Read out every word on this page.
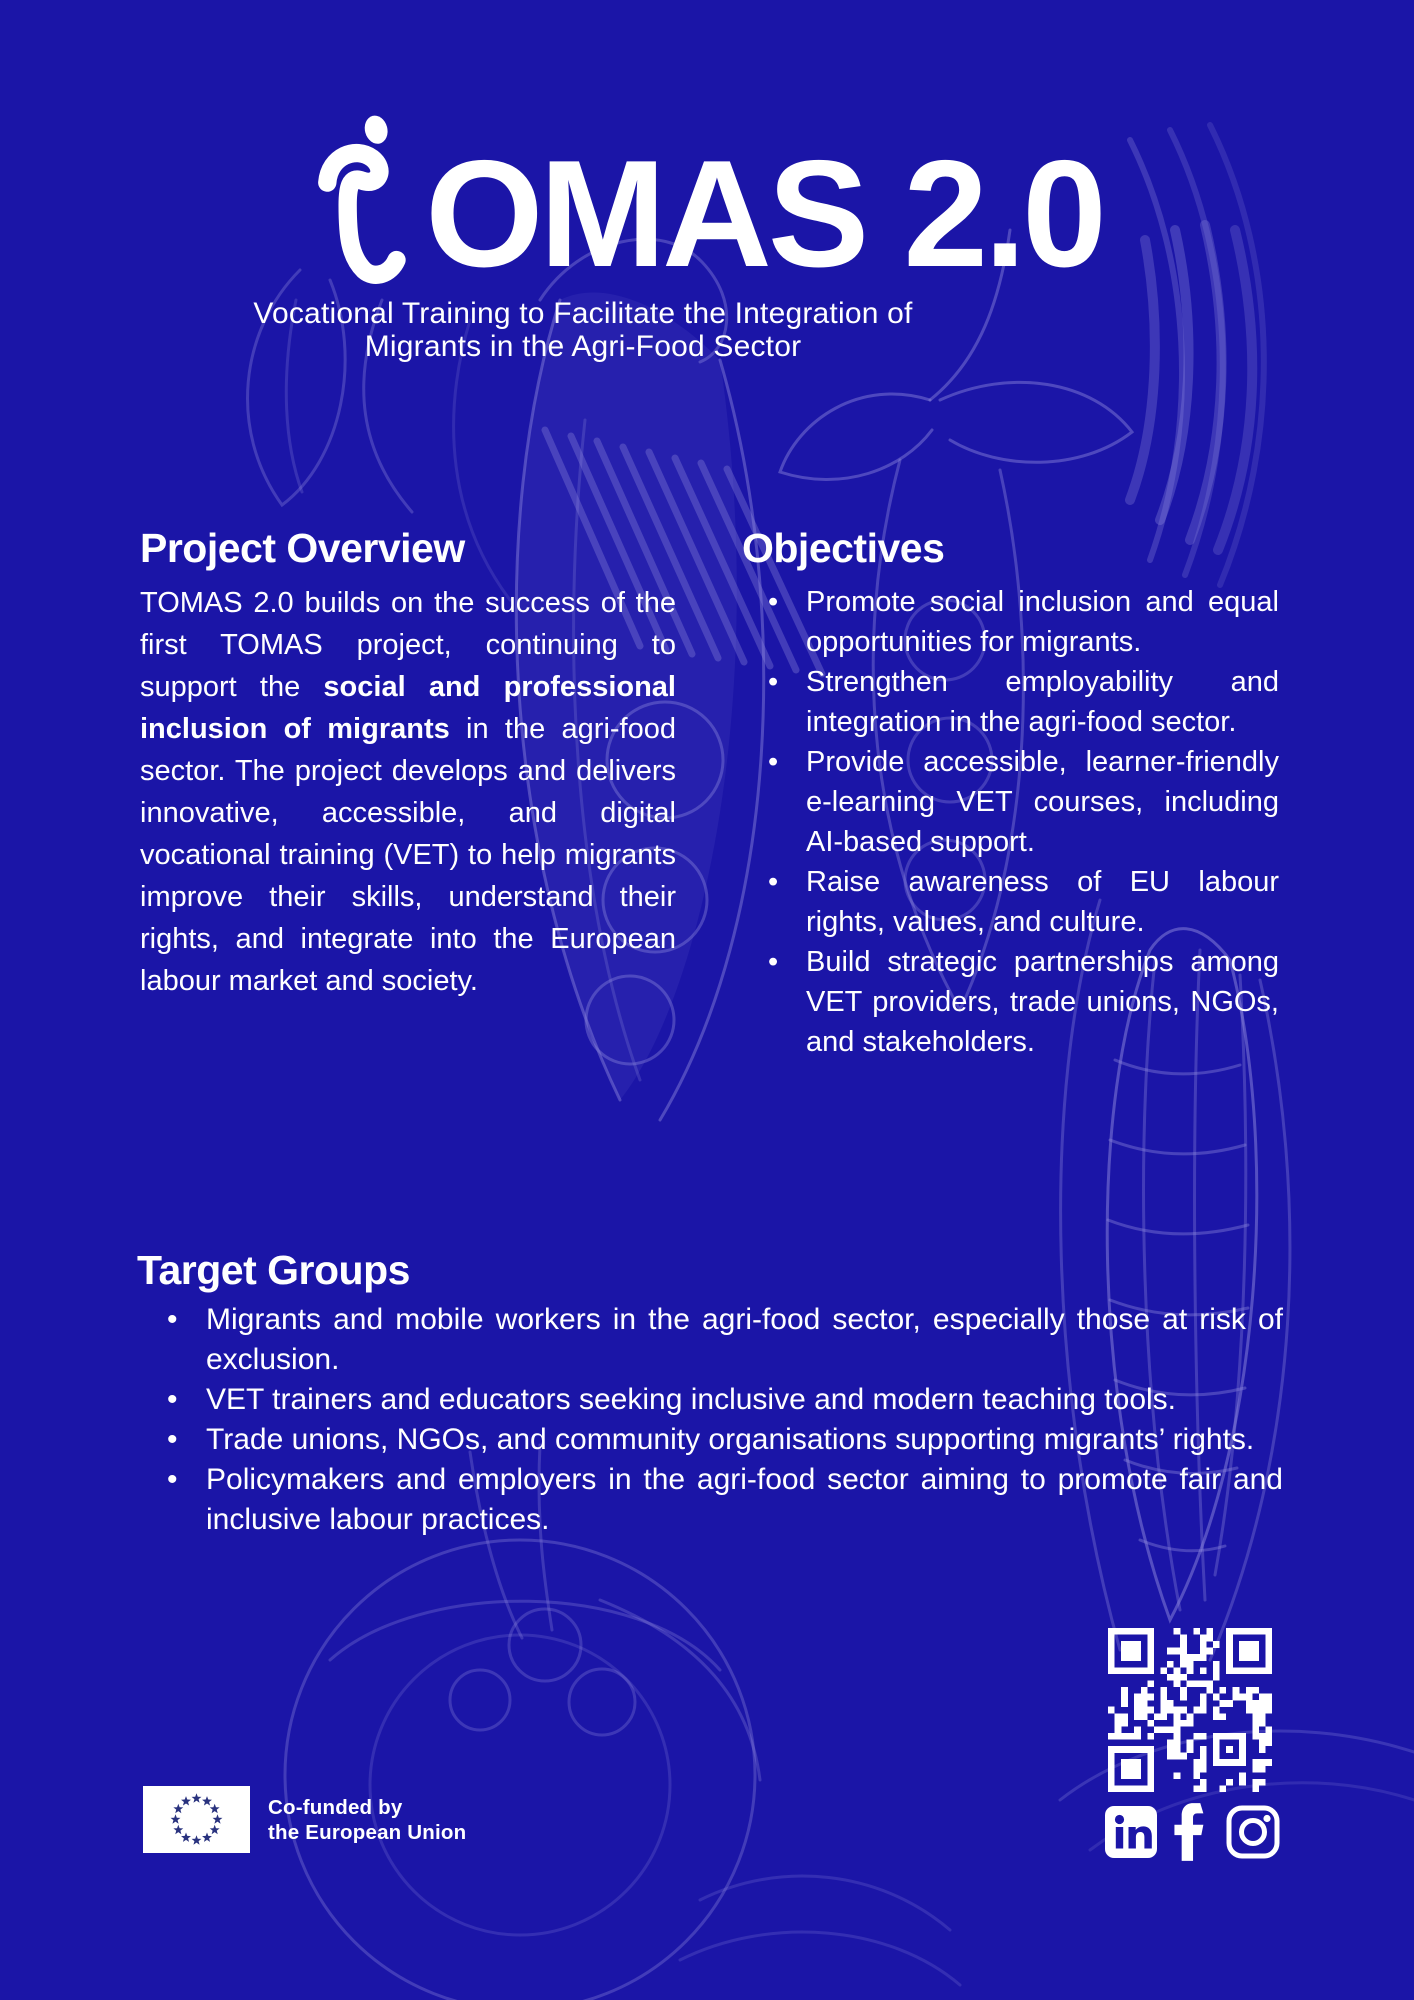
OMAS 2.0
Vocational Training to Facilitate the Integration of
Migrants in the Agri-Food Sector
Project Overview
TOMAS 2.0 builds on the success of the first TOMAS project, continuing to support the social and professional inclusion of migrants in the agri-food sector. The project develops and delivers innovative, accessible, and digital vocational training (VET) to help migrants improve their skills, understand their rights, and integrate into the European labour market and society.
Objectives
• Promote social inclusion and equal opportunities for migrants.
• Strengthen employability and integration in the agri-food sector.
• Provide accessible, learner-friendly e-learning VET courses, including AI-based support.
• Raise awareness of EU labour rights, values, and culture.
• Build strategic partnerships among VET providers, trade unions, NGOs, and stakeholders.
Target Groups
• Migrants and mobile workers in the agri-food sector, especially those at risk of exclusion.
• VET trainers and educators seeking inclusive and modern teaching tools.
• Trade unions, NGOs, and community organisations supporting migrants’ rights.
• Policymakers and employers in the agri-food sector aiming to promote fair and inclusive labour practices.
Co-funded by
the European Union
